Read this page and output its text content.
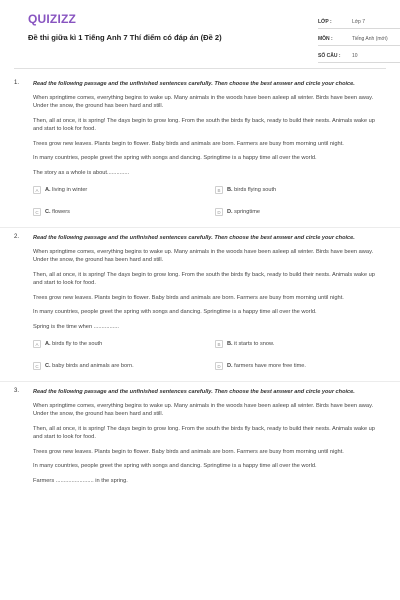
QUIZIZZ
Đề thi giữa kì 1 Tiếng Anh 7 Thí điểm có đáp án (Đề 2)
LỚP :	Lớp 7
MÔN :	Tiếng Anh (mới)
SỐ CÂU :	10
1. Read the following passage and the unfinished sentences carefully. Then choose the best answer and circle your choice.

When springtime comes, everything begins to wake up. Many animals in the woods have been asleep all winter. Birds have been away. Under the snow, the ground has been hard and still.

Then, all at once, it is spring! The days begin to grow long. From the south the birds fly back, ready to build their nests. Animals wake up and start to look for food.

Trees grow new leaves. Plants begin to flower. Baby birds and animals are born. Farmers are busy from morning until night.

In many countries, people greet the spring with songs and dancing. Springtime is a happy time all over the world.

The story as a whole is about..............

A	A. living in winter	B	B. birds flying south
C	C. flowers	D	D. springtime
2. Read the following passage and the unfinished sentences carefully. Then choose the best answer and circle your choice.

When springtime comes, everything begins to wake up. Many animals in the woods have been asleep all winter. Birds have been away. Under the snow, the ground has been hard and still.

Then, all at once, it is spring! The days begin to grow long. From the south the birds fly back, ready to build their nests. Animals wake up and start to look for food.

Trees grow new leaves. Plants begin to flower. Baby birds and animals are born. Farmers are busy from morning until night.

In many countries, people greet the spring with songs and dancing. Springtime is a happy time all over the world.

Spring is the time when ................

A	A. birds fly to the south	B	B. it starts to snow.
C	C. baby birds and animals are born.	D	D. farmers have more free time.
3. Read the following passage and the unfinished sentences carefully. Then choose the best answer and circle your choice.

When springtime comes, everything begins to wake up. Many animals in the woods have been asleep all winter. Birds have been away. Under the snow, the ground has been hard and still.

Then, all at once, it is spring! The days begin to grow long. From the south the birds fly back, ready to build their nests. Animals wake up and start to look for food.

Trees grow new leaves. Plants begin to flower. Baby birds and animals are born. Farmers are busy from morning until night.

In many countries, people greet the spring with songs and dancing. Springtime is a happy time all over the world.

Farmers ........................ in the spring.
